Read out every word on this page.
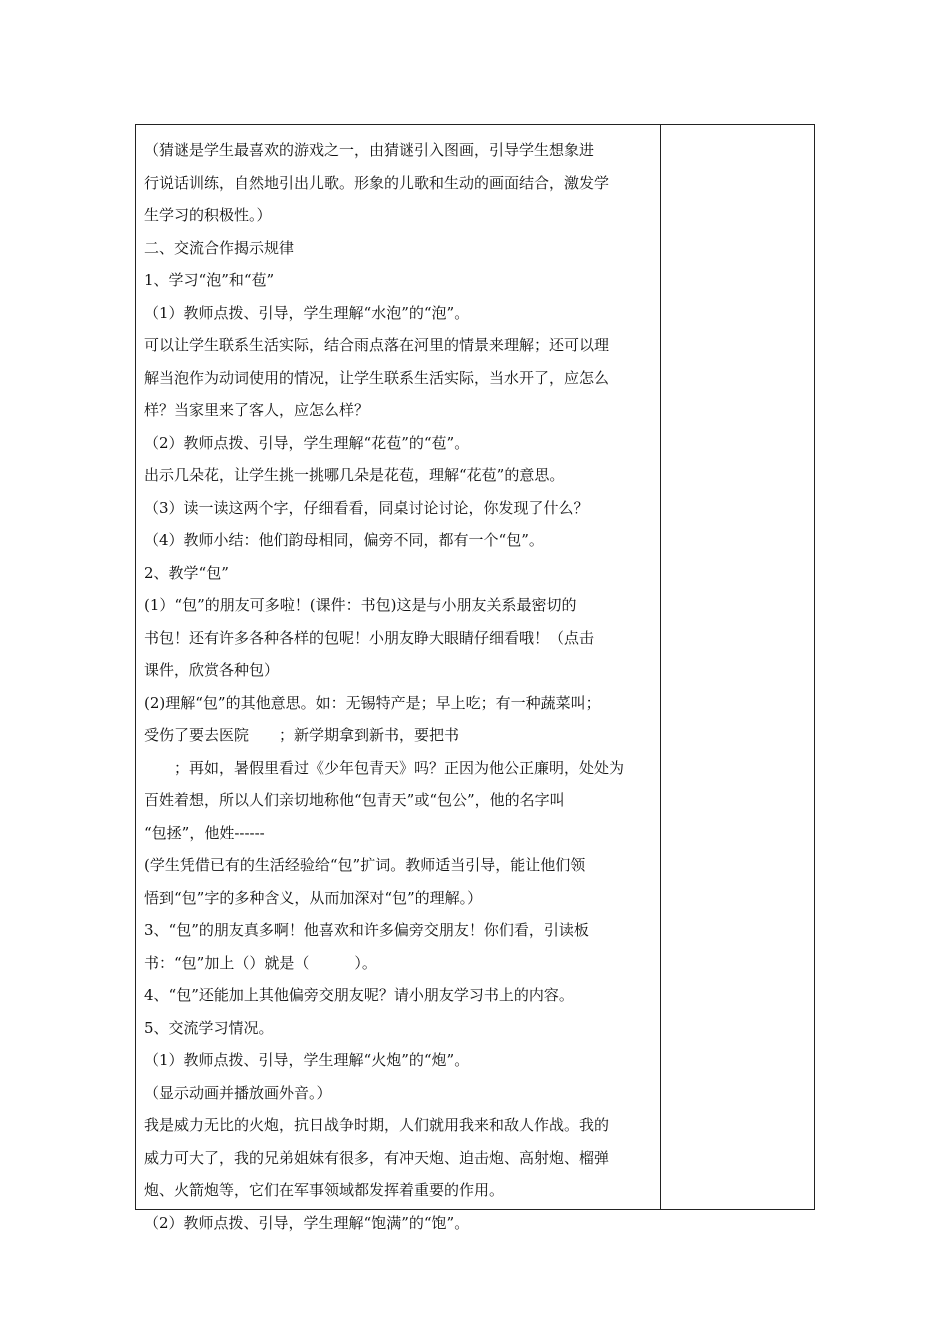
（猜谜是学生最喜欢的游戏之一，由猜谜引入图画，引导学生想象进
行说话训练，自然地引出儿歌。形象的儿歌和生动的画面结合，激发学
生学习的积极性。）
二、交流合作揭示规律
1、学习“泡”和“苞”
（1）教师点拨、引导，学生理解“水泡”的“泡”。
可以让学生联系生活实际，结合雨点落在河里的情景来理解；还可以理
解当泡作为动词使用的情况，让学生联系生活实际，当水开了，应怎么
样？当家里来了客人，应怎么样？
（2）教师点拨、引导，学生理解“花苞”的“苞”。
出示几朵花，让学生挑一挑哪几朵是花苞，理解“花苞”的意思。
（3）读一读这两个字，仔细看看，同桌讨论讨论，你发现了什么？
（4）教师小结：他们韵母相同，偏旁不同，都有一个“包”。
2、教学“包”
(1）“包”的朋友可多啦！(课件：书包)这是与小朋友关系最密切的
书包！还有许多各种各样的包呢！小朋友睁大眼睛仔细看哦！（点击
课件，欣赏各种包）
(2)理解“包”的其他意思。如：无锡特产是；早上吃；有一种蔬菜叫；
受伤了要去医院　　；新学期拿到新书，要把书
　　；再如，暑假里看过《少年包青天》吗？正因为他公正廉明，处处为
百姓着想，所以人们亲切地称他“包青天”或“包公”，他的名字叫
“包拯”，他姓------
(学生凭借已有的生活经验给“包”扩词。教师适当引导，能让他们领
悟到“包”字的多种含义，从而加深对“包”的理解。）
3、“包”的朋友真多啊！他喜欢和许多偏旁交朋友！你们看，引读板
书：“包”加上（）就是（　　　）。
4、“包”还能加上其他偏旁交朋友呢？请小朋友学习书上的内容。
5、交流学习情况。
（1）教师点拨、引导，学生理解“火炮”的“炮”。
（显示动画并播放画外音。）
我是威力无比的火炮，抗日战争时期，人们就用我来和敌人作战。我的
威力可大了，我的兄弟姐妹有很多，有冲天炮、迫击炮、高射炮、榴弹
炮、火箭炮等，它们在军事领域都发挥着重要的作用。
（2）教师点拨、引导，学生理解“饱满”的“饱”。
